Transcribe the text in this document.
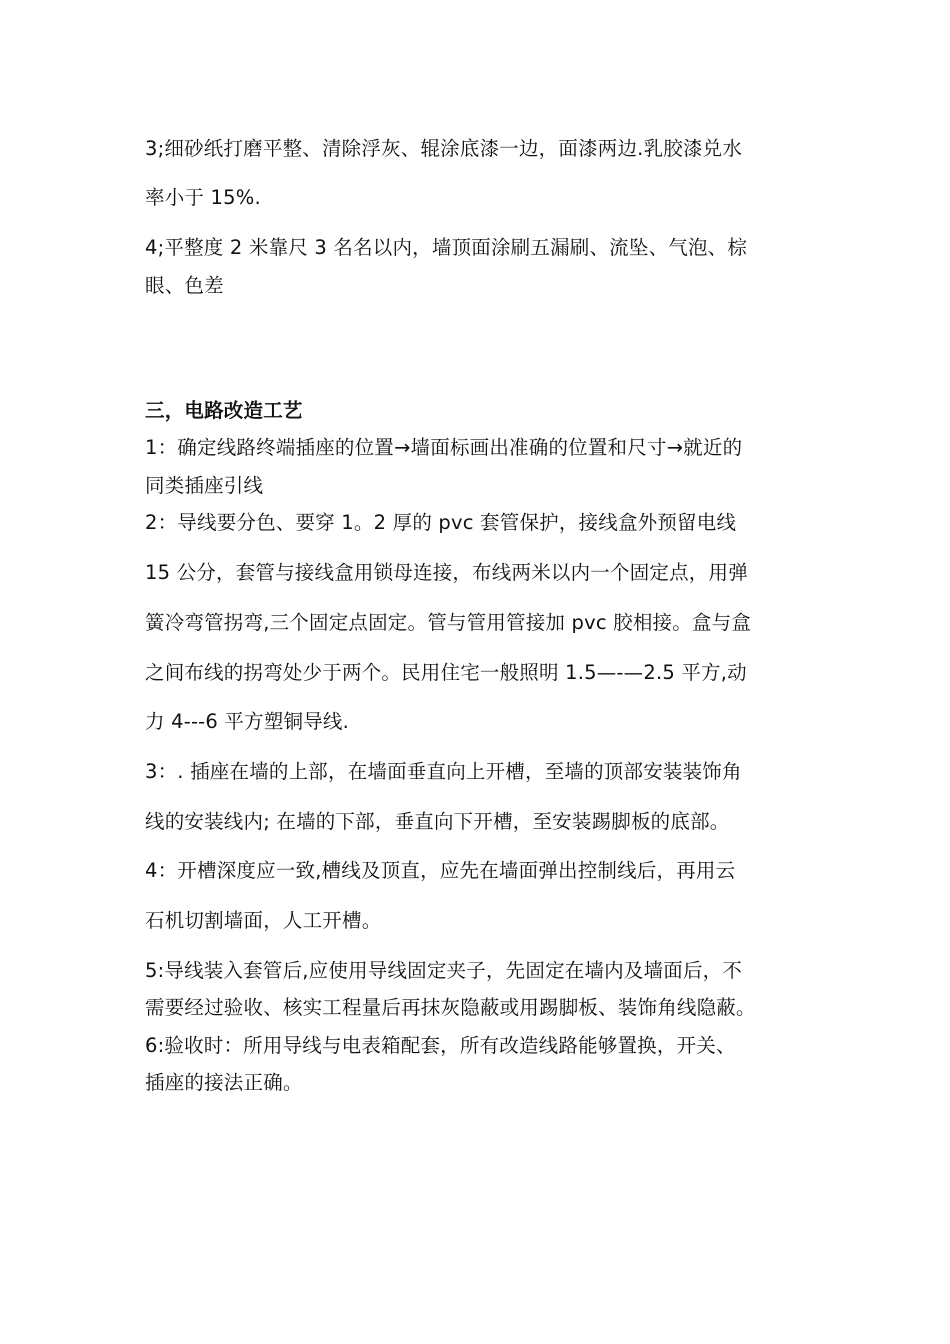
3;细砂纸打磨平整、清除浮灰、辊涂底漆一边，面漆两边.乳胶漆兑水
率小于 15%.
4;平整度 2 米靠尺 3 名名以内，墙顶面涂刷五漏刷、流坠、气泡、棕
眼、色差
三，电路改造工艺
1：确定线路终端插座的位置→墙面标画出准确的位置和尺寸→就近的
同类插座引线
2：导线要分色、要穿 1。2 厚的 pvc 套管保护，接线盒外预留电线
15 公分，套管与接线盒用锁母连接，布线两米以内一个固定点，用弹
簧冷弯管拐弯,三个固定点固定。管与管用管接加 pvc 胶相接。盒与盒
之间布线的拐弯处少于两个。民用住宅一般照明 1.5—-—2.5 平方,动
力 4---6 平方塑铜导线.
3：. 插座在墙的上部，在墙面垂直向上开槽，至墙的顶部安装装饰角
线的安装线内; 在墙的下部，垂直向下开槽，至安装踢脚板的底部。
4：开槽深度应一致,槽线及顶直，应先在墙面弹出控制线后，再用云
石机切割墙面，人工开槽。
5:导线装入套管后,应使用导线固定夹子，先固定在墙内及墙面后，不
需要经过验收、核实工程量后再抹灰隐蔽或用踢脚板、装饰角线隐蔽。
6:验收时：所用导线与电表箱配套，所有改造线路能够置换，开关、
插座的接法正确。
